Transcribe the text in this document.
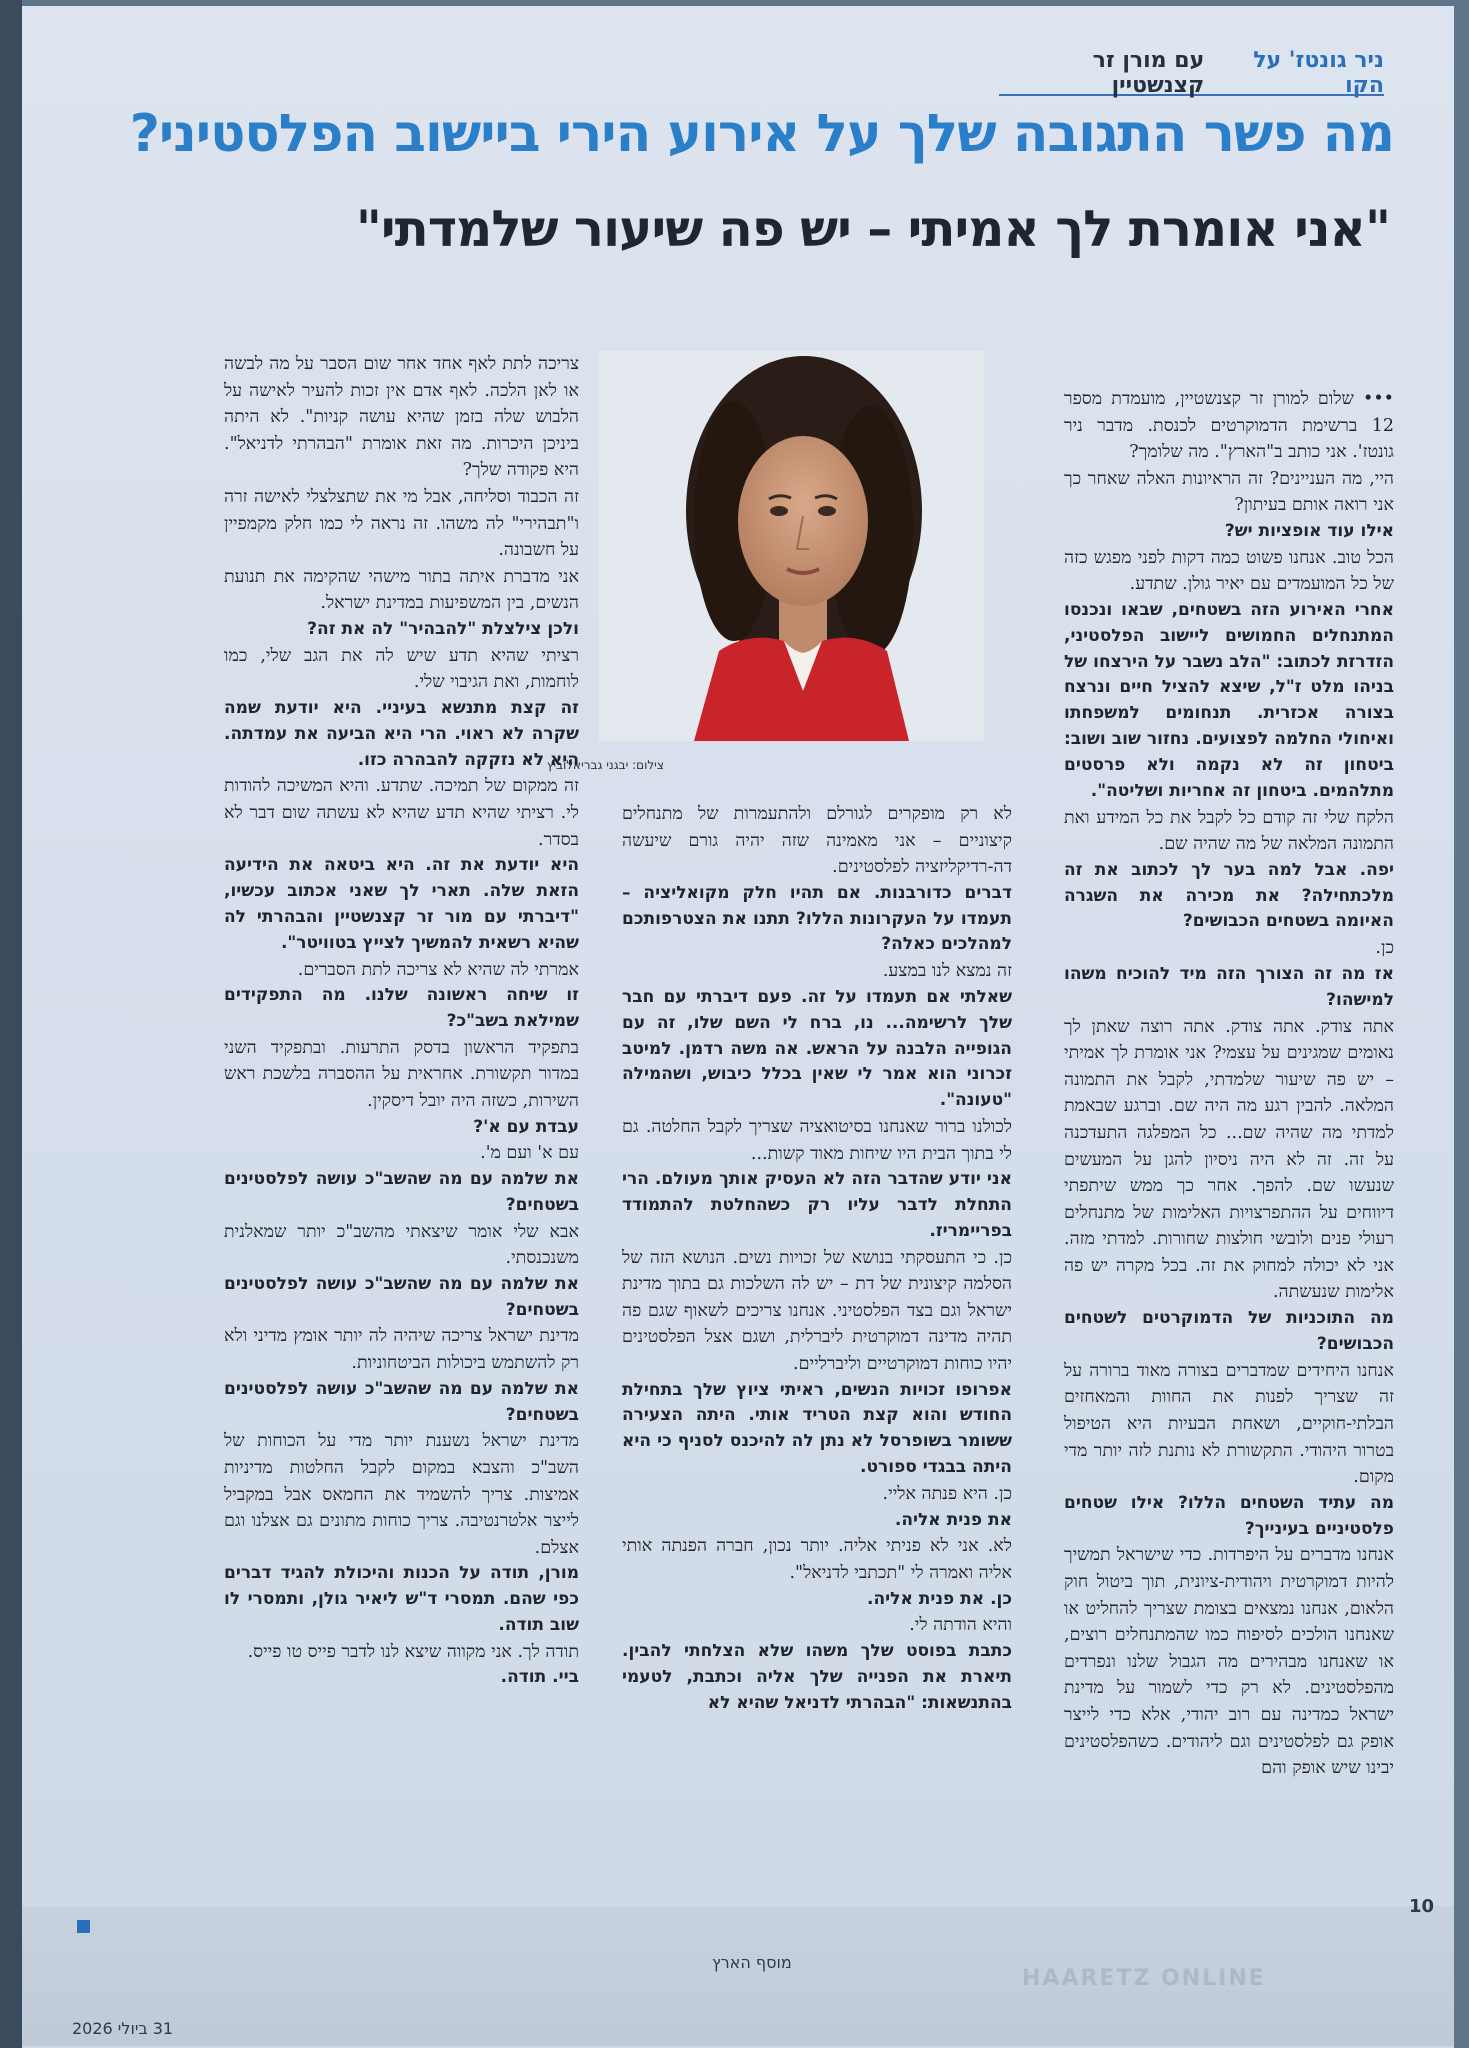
ניר גונטז' על הקו
עם מורן זר קצנשטיין
מה פשר התגובה שלך על אירוע הירי ביישוב הפלסטיני?
"אני אומרת לך אמיתי – יש פה שיעור שלמדתי"
צילום: יבגני גבריאלוביץ

••• שלום למורן זר קצנשטיין, מועמדת מספר 12 ברשימת הדמוקרטים לכנסת. מדבר ניר גונטז'. אני כותב ב"הארץ". מה שלומך?

היי, מה העניינים? זה הראיונות האלה שאחר כך אני רואה אותם בעיתון?

אילו עוד אופציות יש?

הכל טוב. אנחנו פשוט כמה דקות לפני מפגש כזה של כל המועמדים עם יאיר גולן. שתדע.

אחרי האירוע הזה בשטחים, שבאו ונכנסו המתנחלים החמושים ליישוב הפלסטיני, הזדרזת לכתוב: "הלב נשבר על הירצחו של בניהו מלט ז"ל, שיצא להציל חיים ונרצח בצורה אכזרית. תנחומים למשפחתו ואיחולי החלמה לפצועים. נחזור שוב ושוב: ביטחון זה לא נקמה ולא פרסטים מתלהמים. ביטחון זה אחריות ושליטה".

הלקח שלי זה קודם כל לקבל את כל המידע ואת התמונה המלאה של מה שהיה שם.

יפה. אבל למה בער לך לכתוב את זה מלכתחילה? את מכירה את השגרה האיומה בשטחים הכבושים?

כן.

אז מה זה הצורך הזה מיד להוכיח משהו למישהו?

אתה צודק. אתה צודק. אתה רוצה שאתן לך נאומים שמגינים על עצמי? אני אומרת לך אמיתי – יש פה שיעור שלמדתי, לקבל את התמונה המלאה. להבין רגע מה היה שם. וברגע שבאמת למדתי מה שהיה שם... כל המפלגה התעדכנה על זה. זה לא היה ניסיון להגן על המעשים שנעשו שם. להפך. אחר כך ממש שיתפתי דיווחים על ההתפרצויות האלימות של מתנחלים רעולי פנים ולובשי חולצות שחורות. למדתי מזה. אני לא יכולה למחוק את זה. בכל מקרה יש פה אלימות שנעשתה.

מה התוכניות של הדמוקרטים לשטחים הכבושים?

אנחנו היחידים שמדברים בצורה מאוד ברורה על זה שצריך לפנות את החוות והמאחזים הבלתי-חוקיים, ושאחת הבעיות היא הטיפול בטרור היהודי. התקשורת לא נותנת לזה יותר מדי מקום.

מה עתיד השטחים הללו? אילו שטחים פלסטיניים בעינייך?

אנחנו מדברים על היפרדות. כדי שישראל תמשיך להיות דמוקרטית ויהודית-ציונית, תוך ביטול חוק הלאום, אנחנו נמצאים בצומת שצריך להחליט או שאנחנו הולכים לסיפוח כמו שהמתנחלים רוצים, או שאנחנו מבהירים מה הגבול שלנו ונפרדים מהפלסטינים. לא רק כדי לשמור על מדינת ישראל כמדינה עם רוב יהודי, אלא כדי לייצר אופק גם לפלסטינים וגם ליהודים. כשהפלסטינים יבינו שיש אופק והם

לא רק מופקרים לגורלם ולהתעמרות של מתנחלים קיצוניים – אני מאמינה שזה יהיה גורם שיעשה דה-רדיקליזציה לפלסטינים.

דברים כדורבנות. אם תהיו חלק מקואליציה – תעמדו על העקרונות הללו? תתנו את הצטרפותכם למהלכים כאלה?

זה נמצא לנו במצע.

שאלתי אם תעמדו על זה. פעם דיברתי עם חבר שלך לרשימה... נו, ברח לי השם שלו, זה עם הגופייה הלבנה על הראש. אה משה רדמן. למיטב זכרוני הוא אמר לי שאין בכלל כיבוש, ושהמילה "טעונה".

לכולנו ברור שאנחנו בסיטואציה שצריך לקבל החלטה. גם לי בתוך הבית היו שיחות מאוד קשות...

אני יודע שהדבר הזה לא העסיק אותך מעולם. הרי התחלת לדבר עליו רק כשהחלטת להתמודד בפריימריז.

כן. כי התעסקתי בנושא של זכויות נשים. הנושא הזה של הסלמה קיצונית של דת – יש לה השלכות גם בתוך מדינת ישראל וגם בצד הפלסטיני. אנחנו צריכים לשאוף שגם פה תהיה מדינה דמוקרטית ליברלית, ושגם אצל הפלסטינים יהיו כוחות דמוקרטיים וליברליים.

אפרופו זכויות הנשים, ראיתי ציוץ שלך בתחילת החודש והוא קצת הטריד אותי. היתה הצעירה ששומר בשופרסל לא נתן לה להיכנס לסניף כי היא היתה בבגדי ספורט.

כן. היא פנתה אליי.

את פנית אליה.

לא. אני לא פניתי אליה. יותר נכון, חברה הפנתה אותי אליה ואמרה לי "תכתבי לדניאל".

כן. את פנית אליה.

והיא הודתה לי.

כתבת בפוסט שלך משהו שלא הצלחתי להבין. תיארת את הפנייה שלך אליה וכתבת, לטעמי בהתנשאות: "הבהרתי לדניאל שהיא לא

צריכה לתת לאף אחד אחר שום הסבר על מה לבשה או לאן הלכה. לאף אדם אין זכות להעיר לאישה על הלבוש שלה בזמן שהיא עושה קניות". לא היתה ביניכן היכרות. מה זאת אומרת "הבהרתי לדניאל". היא פקודה שלך?

זה הכבוד וסליחה, אבל מי את שתצלצלי לאישה זרה ו"תבהירי" לה משהו. זה נראה לי כמו חלק מקמפיין על חשבונה.

אני מדברת איתה בתור מישהי שהקימה את תנועת הנשים, בין המשפיעות במדינת ישראל.

ולכן צילצלת "להבהיר" לה את זה?

רציתי שהיא תדע שיש לה את הגב שלי, כמו לוחמות, ואת הגיבוי שלי.

זה קצת מתנשא בעיניי. היא יודעת שמה שקרה לא ראוי. הרי היא הביעה את עמדתה. היא לא נזקקה להבהרה כזו.

זה ממקום של תמיכה. שתדע. והיא המשיכה להודות לי. רציתי שהיא תדע שהיא לא עשתה שום דבר לא בסדר.

היא יודעת את זה. היא ביטאה את הידיעה הזאת שלה. תארי לך שאני אכתוב עכשיו, "דיברתי עם מור זר קצנשטיין והבהרתי לה שהיא רשאית להמשיך לצייץ בטוויטר".

אמרתי לה שהיא לא צריכה לתת הסברים.

זו שיחה ראשונה שלנו. מה התפקידים שמילאת בשב"כ?

בתפקיד הראשון בדסק התרעות. ובתפקיד השני במדור תקשורת. אחראית על ההסברה בלשכת ראש השירות, כשזה היה יובל דיסקין.

עבדת עם א'?

עם א' ועם מ'.

את שלמה עם מה שהשב"כ עושה לפלסטינים בשטחים?

אבא שלי אומר שיצאתי מהשב"כ יותר שמאלנית משנכנסתי.

את שלמה עם מה שהשב"כ עושה לפלסטינים בשטחים?

מדינת ישראל צריכה שיהיה לה יותר אומץ מדיני ולא רק להשתמש ביכולות הביטחוניות.

את שלמה עם מה שהשב"כ עושה לפלסטינים בשטחים?

מדינת ישראל נשענת יותר מדי על הכוחות של השב"כ והצבא במקום לקבל החלטות מדיניות אמיצות. צריך להשמיד את החמאס אבל במקביל לייצר אלטרנטיבה. צריך כוחות מתונים גם אצלנו וגם אצלם.

מורן, תודה על הכנות והיכולת להגיד דברים כפי שהם. תמסרי ד"ש ליאיר גולן, ותמסרי לו שוב תודה.

תודה לך. אני מקווה שיצא לנו לדבר פייס טו פייס.

ביי. תודה.

HAARETZ ONLINE
10
מוסף הארץ
31 ביולי 2026
